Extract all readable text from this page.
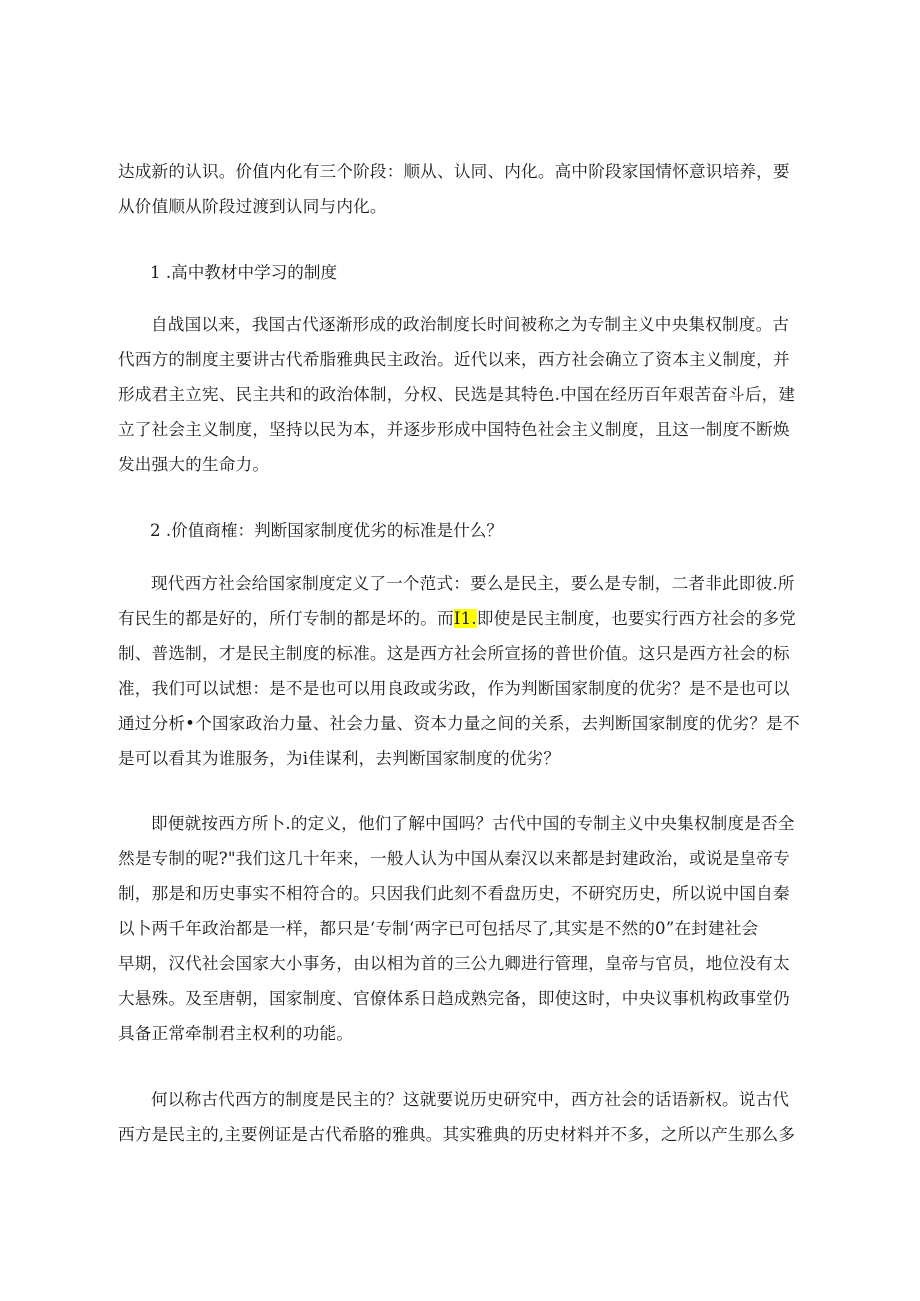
达成新的认识。价值内化有三个阶段：顺从、认同、内化。高中阶段家国情怀意识培养，要
从价值顺从阶段过渡到认同与内化。
1 .高中教材中学习的制度
自战国以来，我国古代逐渐形成的政治制度长时间被称之为专制主义中央集权制度。古
代西方的制度主要讲古代希脂雅典民主政治。近代以来，西方社会确立了资本主义制度，并
形成君主立宪、民主共和的政治体制，分权、民选是其特色.中国在经历百年艰苦奋斗后，建
立了社会主义制度，坚持以民为本，并逐步形成中国特色社会主义制度，且这一制度不断焕
发出强大的生命力。
2 .价值商榷：判断国家制度优劣的标准是什么？
现代西方社会给国家制度定义了一个范式：要么是民主，要么是专制，二者非此即彼.所
有民生的都是好的，所仃专制的都是坏的。而I1.即使是民主制度，也要实行西方社会的多党
制、普选制，才是民主制度的标准。这是西方社会所宣扬的普世价值。这只是西方社会的标
准，我们可以试想：是不是也可以用良政或劣政，作为判断国家制度的优劣？是不是也可以
通过分析•个国家政治力量、社会力量、资本力量之间的关系，去判断国家制度的优劣？是不
是可以看其为谁服务，为i佳谋利，去判断国家制度的优劣？
即便就按西方所卜.的定义，他们了解中国吗？古代中国的专制主义中央集权制度是否全
然是专制的呢?"我们这几十年来，一般人认为中国从秦汉以来都是封建政治，或说是皇帝专
制，那是和历史事实不相符合的。只因我们此刻不看盘历史，不研究历史，所以说中国自秦
以卜两千年政治都是一样，都只是‘专制‘两字已可包括尽了,其实是不然的0”在封建社会
早期，汉代社会国家大小事务，由以相为首的三公九卿进行管理，皇帝与官员，地位没有太
大悬殊。及至唐朝，国家制度、官僚体系日趋成熟完备，即使这时，中央议事机构政事堂仍
具备正常牵制君主权利的功能。
何以称古代西方的制度是民主的？这就要说历史研究中，西方社会的话语新权。说古代
西方是民主的,主要例证是古代希胳的雅典。其实雅典的历史材料并不多，之所以产生那么多
